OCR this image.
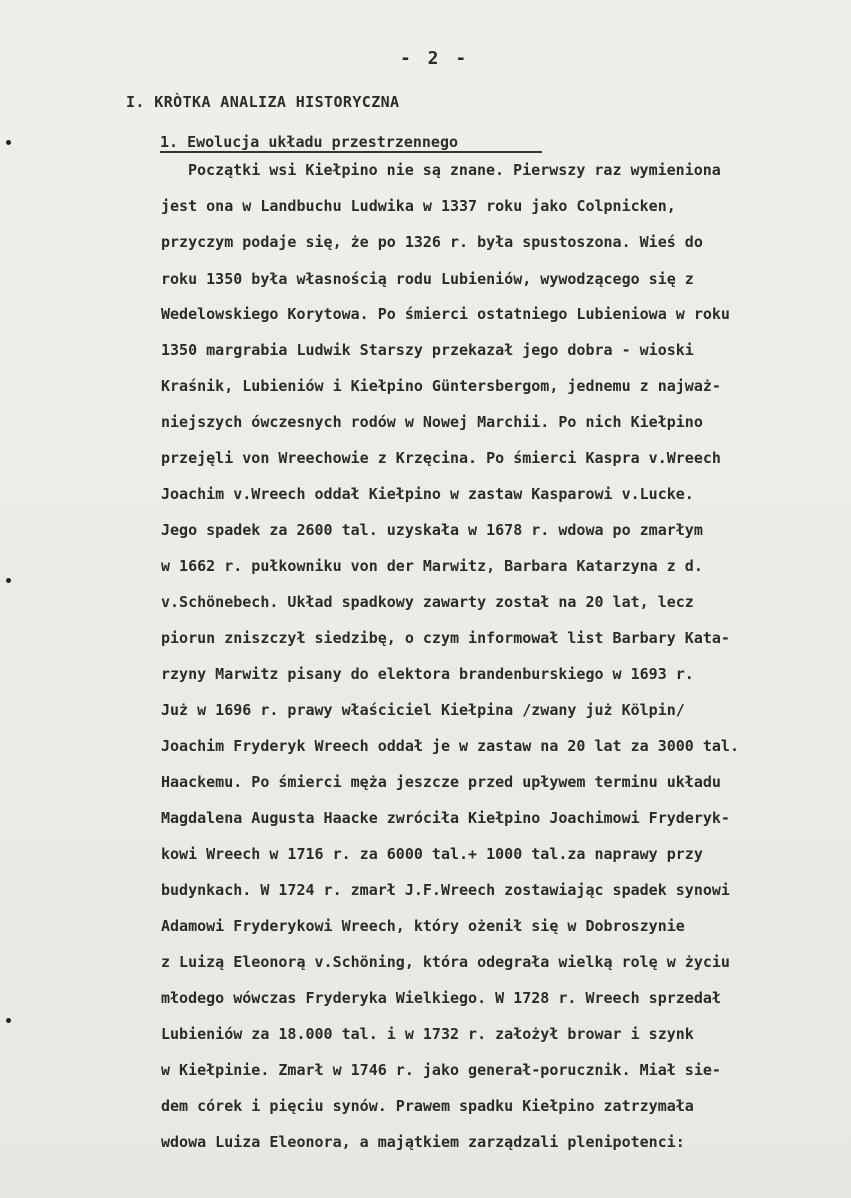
- 2 -
I. KRÒTKA ANALIZA HISTORYCZNA
1. Ewolucja układu przestrzennego
Początki wsi Kiełpino nie są znane. Pierwszy raz wymieniona
jest ona w Landbuchu Ludwika w 1337 roku jako Colpnicken,
przyczym podaje się, że po 1326 r. była spustoszona. Wieś do
roku 1350 była własnością rodu Lubieniów, wywodzącego się z
Wedelowskiego Korytowa. Po śmierci ostatniego Lubieniowa w roku
1350 margrabia Ludwik Starszy przekazał jego dobra - wioski
Kraśnik, Lubieniów i Kiełpino Güntersbergom, jednemu z najważ-
niejszych ówczesnych rodów w Nowej Marchii. Po nich Kiełpino
przejęli von Wreechowie z Krzęcina. Po śmierci Kaspra v.Wreech
Joachim v.Wreech oddał Kiełpino w zastaw Kasparowi v.Lucke.
Jego spadek za 2600 tal. uzyskała w 1678 r. wdowa po zmarłym
w 1662 r. pułkowniku von der Marwitz, Barbara Katarzyna z d.
v.Schönebech. Układ spadkowy zawarty został na 20 lat, lecz
piorun zniszczył siedzibę, o czym informował list Barbary Kata-
rzyny Marwitz pisany do elektora brandenburskiego w 1693 r.
Już w 1696 r. prawy właściciel Kiełpina /zwany już Kölpin/
Joachim Fryderyk Wreech oddał je w zastaw na 20 lat za 3000 tal.
Haackemu. Po śmierci męża jeszcze przed upływem terminu układu
Magdalena Augusta Haacke zwróciła Kiełpino Joachimowi Fryderyk-
kowi Wreech w 1716 r. za 6000 tal.+ 1000 tal.za naprawy przy
budynkach. W 1724 r. zmarł J.F.Wreech zostawiając spadek synowi
Adamowi Fryderykowi Wreech, który ożenił się w Dobroszynie
z Luizą Eleonorą v.Schöning, która odegrała wielką rolę w życiu
młodego wówczas Fryderyka Wielkiego. W 1728 r. Wreech sprzedał
Lubieniów za 18.000 tal. i w 1732 r. założył browar i szynk
w Kiełpinie. Zmarł w 1746 r. jako generał-porucznik. Miał sie-
dem córek i pięciu synów. Prawem spadku Kiełpino zatrzymała
wdowa Luiza Eleonora, a majątkiem zarządzali plenipotenci:
